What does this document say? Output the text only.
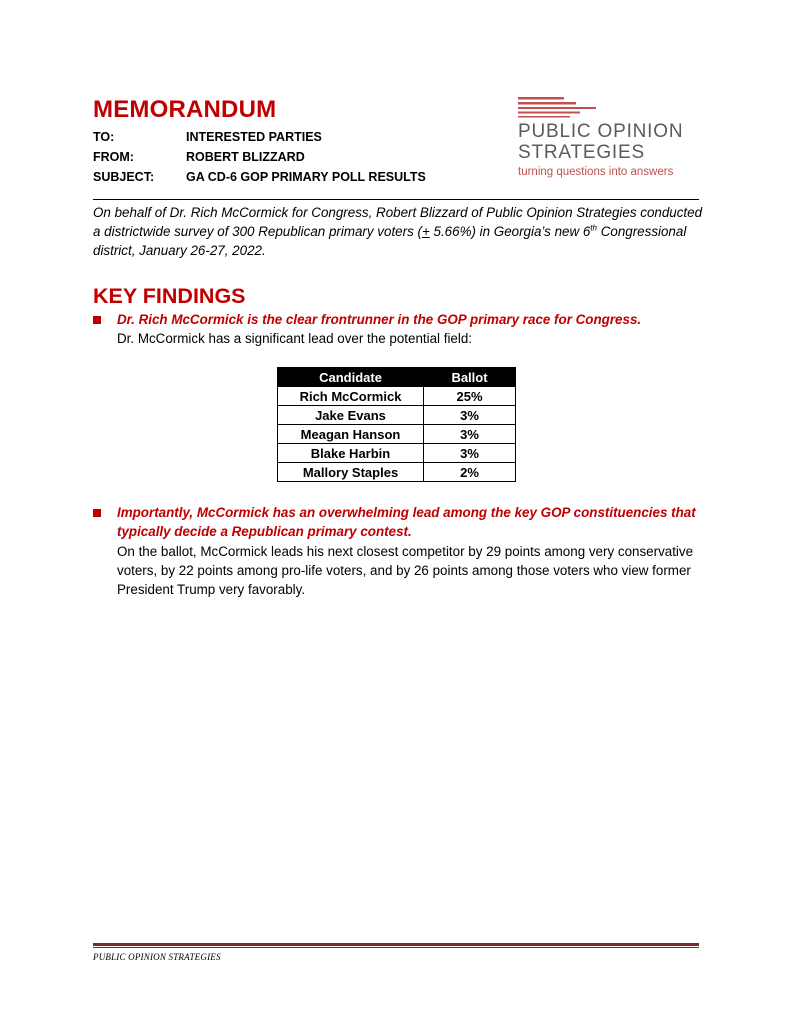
MEMORANDUM
TO:	INTERESTED PARTIES
FROM:	ROBERT BLIZZARD
SUBJECT:	GA CD-6 GOP PRIMARY POLL RESULTS
PUBLIC OPINION
STRATEGIES
turning questions into answers

On behalf of Dr. Rich McCormick for Congress, Robert Blizzard of Public Opinion Strategies conducted a districtwide survey of 300 Republican primary voters (+ 5.66%) in Georgia’s new 6th Congressional district, January 26-27, 2022.

KEY FINDINGS

Dr. Rich McCormick is the clear frontrunner in the GOP primary race for Congress.

Dr. McCormick has a significant lead over the potential field:

Candidate	Ballot
Rich McCormick	25%
Jake Evans	3%
Meagan Hanson	3%
Blake Harbin	3%
Mallory Staples	2%

Importantly, McCormick has an overwhelming lead among the key GOP constituencies that typically decide a Republican primary contest.

On the ballot, McCormick leads his next closest competitor by 29 points among very conservative voters, by 22 points among pro-life voters, and by 26 points among those voters who view former President Trump very favorably.

PUBLIC OPINION STRATEGIES
